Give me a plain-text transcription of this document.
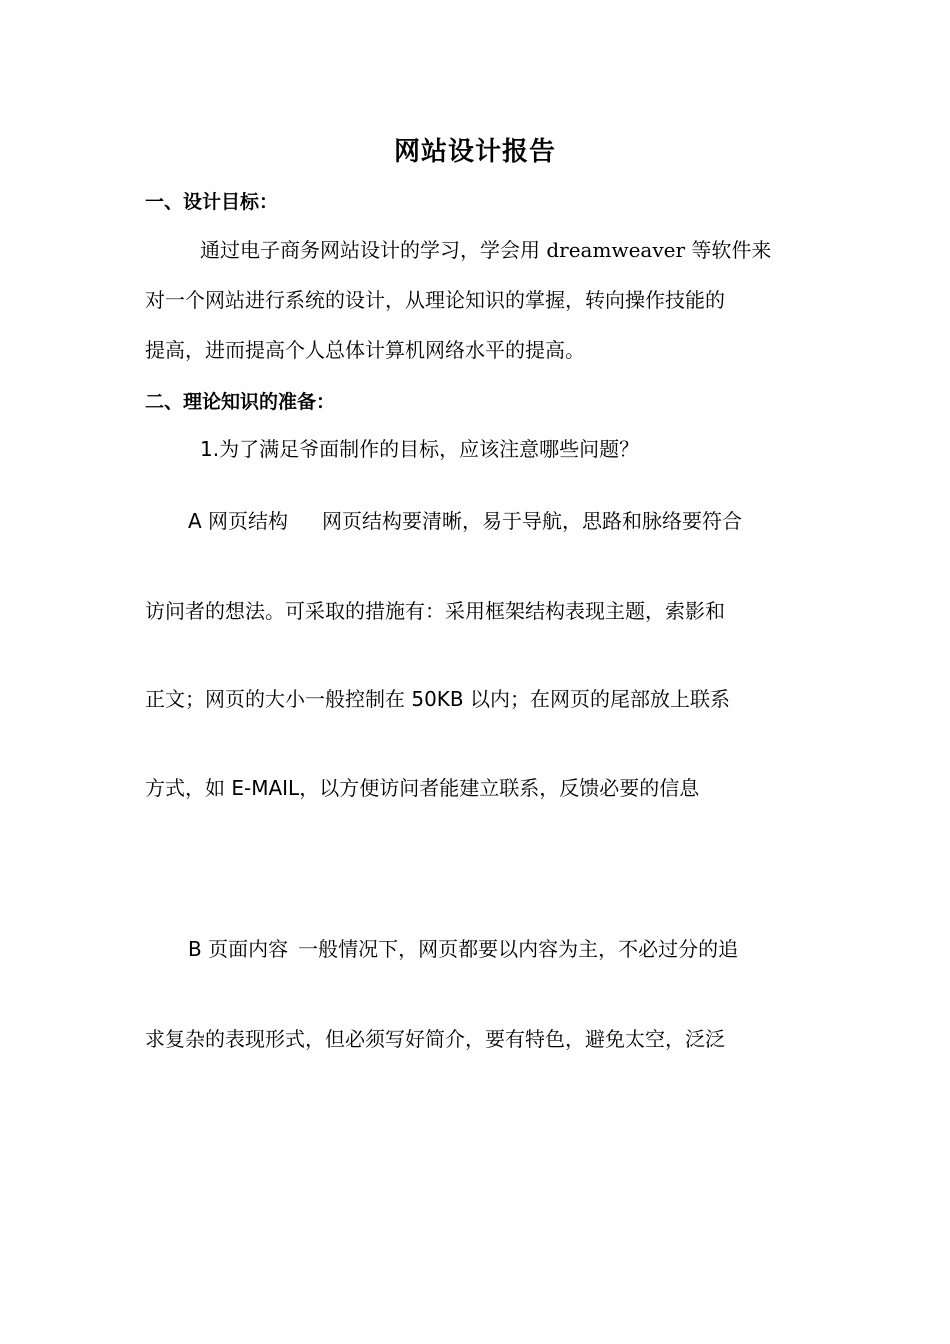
网站设计报告
一、设计目标：
通过电子商务网站设计的学习，学会用 dreamweaver 等软件来
对一个网站进行系统的设计，从理论知识的掌握，转向操作技能的
提高，进而提高个人总体计算机网络水平的提高。
二、理论知识的准备：
1.为了满足爷面制作的目标，应该注意哪些问题？
A 网页结构 网页结构要清晰，易于导航，思路和脉络要符合
访问者的想法。可采取的措施有：采用框架结构表现主题，索影和
正文；网页的大小一般控制在 50KB 以内；在网页的尾部放上联系
方式，如 E-MAIL，以方便访问者能建立联系，反馈必要的信息
B 页面内容 一般情况下，网页都要以内容为主，不必过分的追
求复杂的表现形式，但必须写好简介，要有特色，避免太空，泛泛
